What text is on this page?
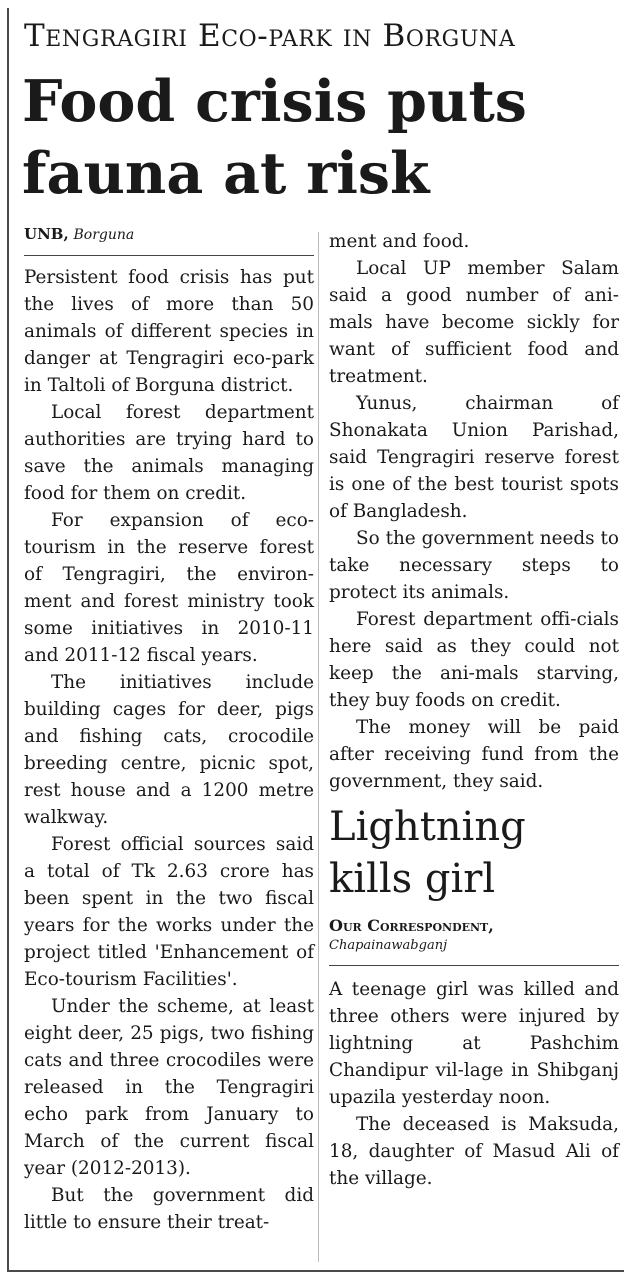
Tengragiri Eco-park in Borguna
Food crisis puts fauna at risk
UNB, Borguna

Persistent food crisis has put the lives of more than 50 animals of different species in danger at Tengragiri eco-park in Taltoli of Borguna district.

Local forest department authorities are trying hard to save the animals managing food for them on credit.

For expansion of eco-tourism in the reserve forest of Tengragiri, the environ-ment and forest ministry took some initiatives in 2010-11 and 2011-12 fiscal years.

The initiatives include building cages for deer, pigs and fishing cats, crocodile breeding centre, picnic spot, rest house and a 1200 metre walkway.

Forest official sources said a total of Tk 2.63 crore has been spent in the two fiscal years for the works under the project titled 'Enhancement of Eco-tourism Facilities'.

Under the scheme, at least eight deer, 25 pigs, two fishing cats and three crocodiles were released in the Tengragiri echo park from January to March of the current fiscal year (2012-2013).

But the government did little to ensure their treat-

ment and food.

Local UP member Salam said a good number of ani-mals have become sickly for want of sufficient food and treatment.

Yunus, chairman of Shonakata Union Parishad, said Tengragiri reserve forest is one of the best tourist spots of Bangladesh.

So the government needs to take necessary steps to protect its animals.

Forest department offi-cials here said as they could not keep the ani-mals starving, they buy foods on credit.

The money will be paid after receiving fund from the government, they said.

Lightning kills girl
Our Correspondent,
Chapainawabganj

A teenage girl was killed and three others were injured by lightning at Pashchim Chandipur vil-lage in Shibganj upazila yesterday noon.

The deceased is Maksuda, 18, daughter of Masud Ali of the village.
